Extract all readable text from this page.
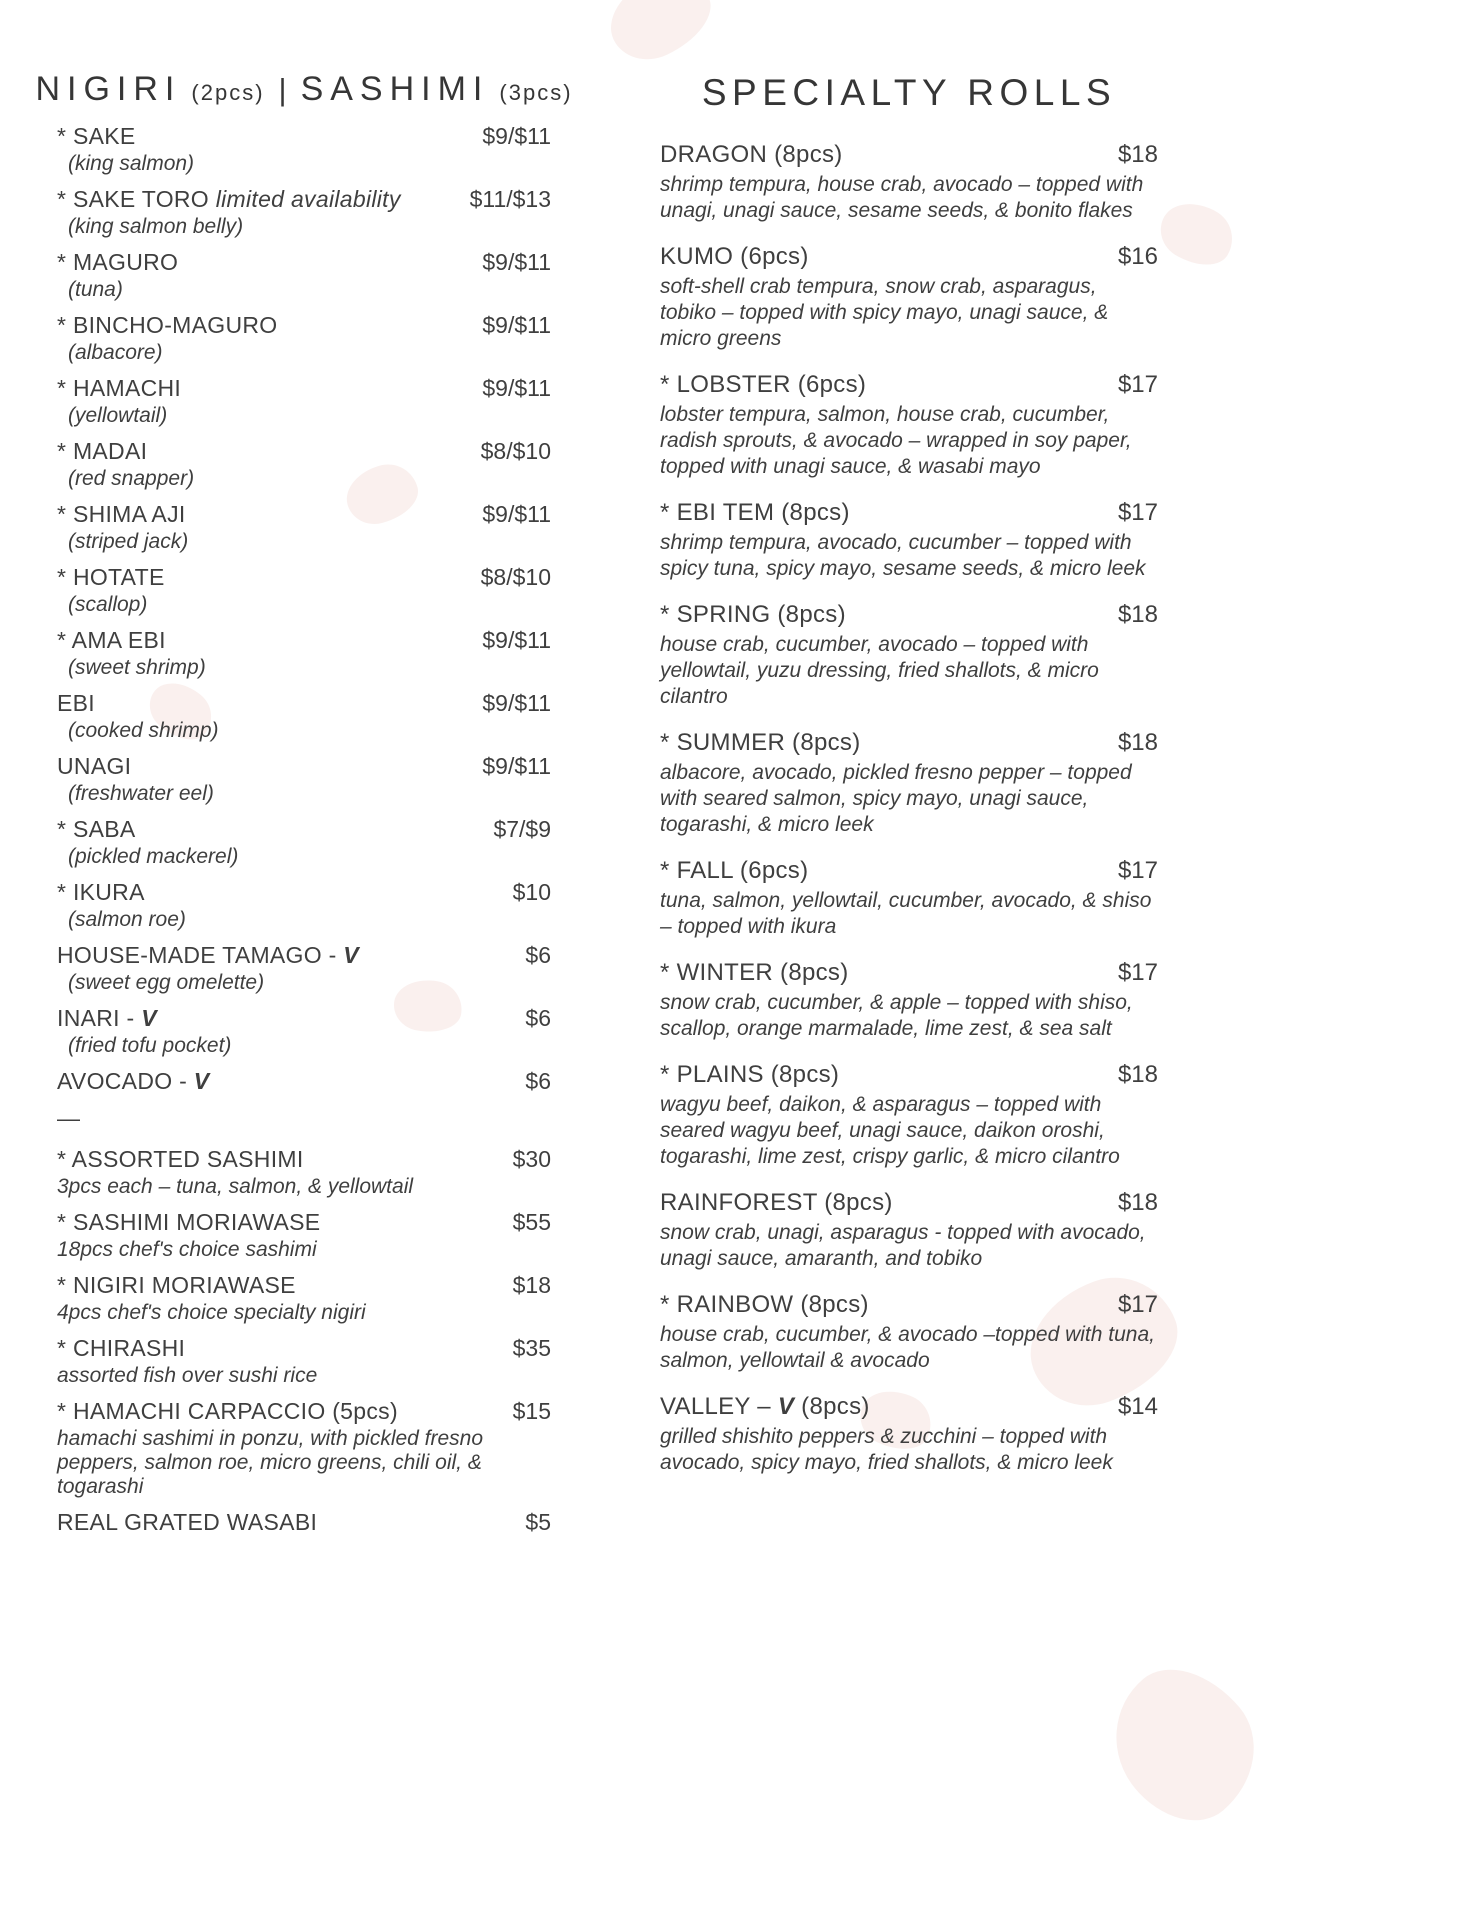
NIGIRI (2pcs) | SASHIMI (3pcs)
* SAKE	$9/$11
(king salmon)
* SAKE TORO limited availability	$11/$13
(king salmon belly)
* MAGURO	$9/$11
(tuna)
* BINCHO-MAGURO	$9/$11
(albacore)
* HAMACHI	$9/$11
(yellowtail)
* MADAI	$8/$10
(red snapper)
* SHIMA AJI	$9/$11
(striped jack)
* HOTATE	$8/$10
(scallop)
* AMA EBI	$9/$11
(sweet shrimp)
EBI	$9/$11
(cooked shrimp)
UNAGI	$9/$11
(freshwater eel)
* SABA	$7/$9
(pickled mackerel)
* IKURA	$10
(salmon roe)
HOUSE-MADE TAMAGO - V	$6
(sweet egg omelette)
INARI - V	$6
(fried tofu pocket)
AVOCADO - V	$6
—
* ASSORTED SASHIMI	$30
3pcs each – tuna, salmon, & yellowtail
* SASHIMI MORIAWASE	$55
18pcs chef's choice sashimi
* NIGIRI MORIAWASE	$18
4pcs chef's choice specialty nigiri
* CHIRASHI	$35
assorted fish over sushi rice
* HAMACHI CARPACCIO (5pcs)	$15
hamachi sashimi in ponzu, with pickled fresno peppers, salmon roe, micro greens, chili oil, & togarashi
REAL GRATED WASABI	$5
SPECIALTY ROLLS
DRAGON (8pcs)	$18
shrimp tempura, house crab, avocado – topped with unagi, unagi sauce, sesame seeds, & bonito flakes
KUMO (6pcs)	$16
soft-shell crab tempura, snow crab, asparagus, tobiko – topped with spicy mayo, unagi sauce, & micro greens
* LOBSTER (6pcs)	$17
lobster tempura, salmon, house crab, cucumber, radish sprouts, & avocado – wrapped in soy paper, topped with unagi sauce, & wasabi mayo
* EBI TEM (8pcs)	$17
shrimp tempura, avocado, cucumber – topped with spicy tuna, spicy mayo, sesame seeds, & micro leek
* SPRING (8pcs)	$18
house crab, cucumber, avocado – topped with yellowtail, yuzu dressing, fried shallots, & micro cilantro
* SUMMER (8pcs)	$18
albacore, avocado, pickled fresno pepper – topped with seared salmon, spicy mayo, unagi sauce, togarashi, & micro leek
* FALL (6pcs)	$17
tuna, salmon, yellowtail, cucumber, avocado, & shiso – topped with ikura
* WINTER (8pcs)	$17
snow crab, cucumber, & apple – topped with shiso, scallop, orange marmalade, lime zest, & sea salt
* PLAINS (8pcs)	$18
wagyu beef, daikon, & asparagus – topped with seared wagyu beef, unagi sauce, daikon oroshi, togarashi, lime zest, crispy garlic, & micro cilantro
RAINFOREST (8pcs)	$18
snow crab, unagi, asparagus - topped with avocado, unagi sauce, amaranth, and tobiko
* RAINBOW (8pcs)	$17
house crab, cucumber, & avocado –topped with tuna, salmon, yellowtail & avocado
VALLEY – V (8pcs)	$14
grilled shishito peppers & zucchini – topped with avocado, spicy mayo, fried shallots, & micro leek
